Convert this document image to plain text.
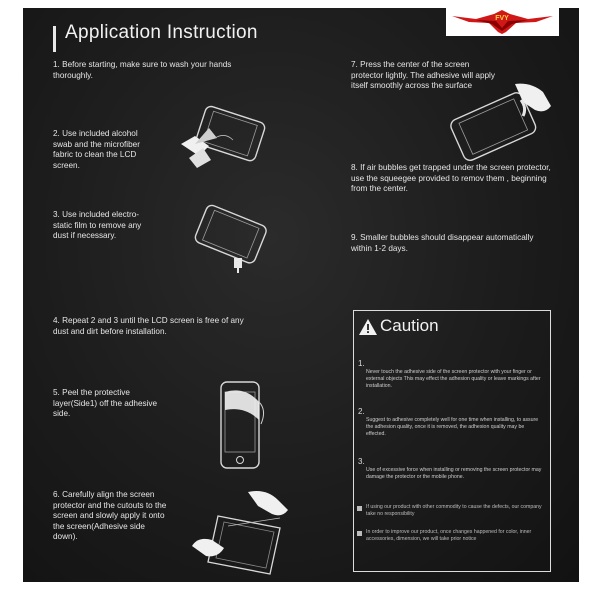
Application Instruction
FVY
1. Before starting, make sure to wash your hands thoroughly.
2. Use included alcohol swab and the microfiber fabric to clean the LCD screen.
3. Use included electro-static film to remove any dust if necessary.
4. Repeat 2 and 3 until the LCD screen is free of any dust and dirt before installation.
5. Peel the protective layer(Side1) off the adhesive side.
6. Carefully align the screen protector and the cutouts to the screen and slowly apply it onto the screen(Adhesive side down).
7. Press the center of the screen protector lightly. The adhesive will apply itself smoothly across the surface
8. If air bubbles get trapped under the screen protector, use the squeegee provided to remov them , beginning from the center.
9. Smaller bubbles should disappear automatically within 1-2 days.
Caution
1.
Never touch the adhesive side of the screen protector with your finger or external objects This may effect the adhesion quality or leave markings after installation.
2.
Suggest to adhesive completely well for one time when installing, to assure the adhesion quality, once it is removed, the adhesion quality may be effected.
3.
Use of excessive force when installing or removing the screen protector may damage the protector or the mobile phone.
If using our product with other commodity to cause the defects, our company take no responsibility
In order to improve our product, once changes happened for color, inner accessories, dimension, we will take prior notice
